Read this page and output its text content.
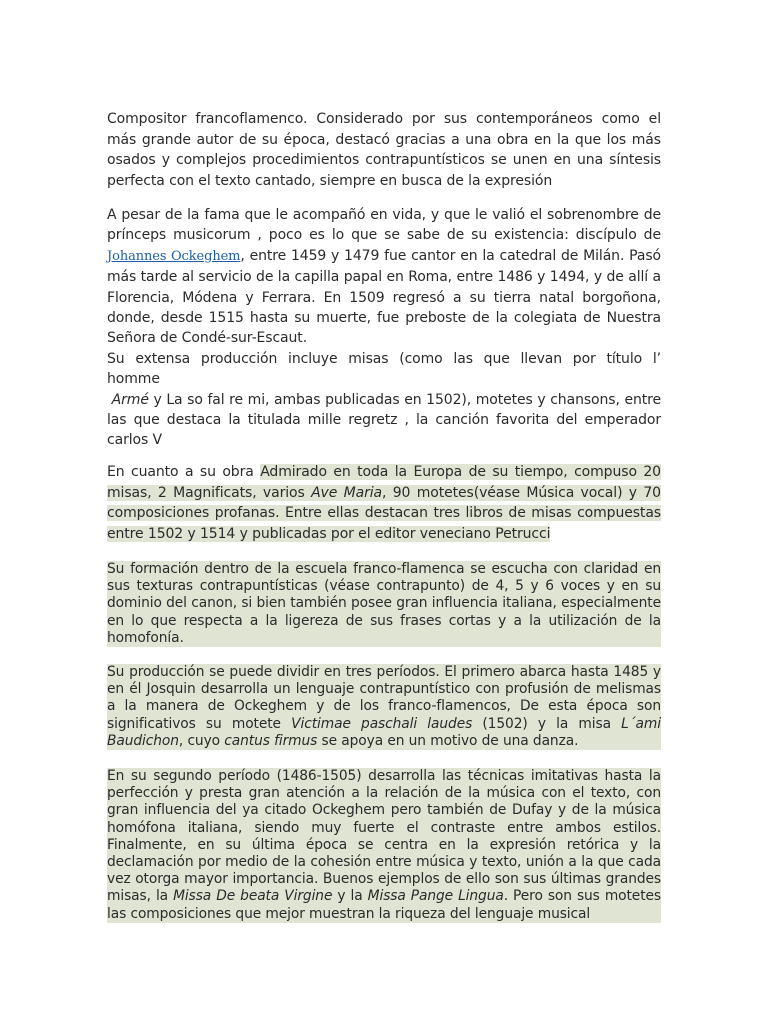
Compositor francoflamenco. Considerado por sus contemporáneos como el más grande autor de su época, destacó gracias a una obra en la que los más osados y complejos procedimientos contrapuntísticos se unen en una síntesis perfecta con el texto cantado, siempre en busca de la expresión

A pesar de la fama que le acompañó en vida, y que le valió el sobrenombre de prínceps musicorum , poco es lo que se sabe de su existencia: discípulo de Johannes Ockeghem, entre 1459 y 1479 fue cantor en la catedral de Milán. Pasó más tarde al servicio de la capilla papal en Roma, entre 1486 y 1494, y de allí a Florencia, Módena y Ferrara. En 1509 regresó a su tierra natal borgoñona, donde, desde 1515 hasta su muerte, fue preboste de la colegiata de Nuestra Señora de Condé-sur-Escaut.
Su extensa producción incluye misas (como las que llevan por título l’
homme
Armé y La so fal re mi, ambas publicadas en 1502), motetes y chansons, entre las que destaca la titulada mille regretz , la canción favorita del emperador carlos V

En cuanto a su obra Admirado en toda la Europa de su tiempo, compuso 20 misas, 2 Magnificats, varios Ave Maria, 90 motetes(véase Música vocal) y 70 composiciones profanas. Entre ellas destacan tres libros de misas compuestas entre 1502 y 1514 y publicadas por el editor veneciano Petrucci

Su formación dentro de la escuela franco-flamenca se escucha con claridad en sus texturas contrapuntísticas (véase contrapunto) de 4, 5 y 6 voces y en su dominio del canon, si bien también posee gran influencia italiana, especialmente en lo que respecta a la ligereza de sus frases cortas y a la utilización de la homofonía.

Su producción se puede dividir en tres períodos. El primero abarca hasta 1485 y en él Josquin desarrolla un lenguaje contrapuntístico con profusión de melismas a la manera de Ockeghem y de los franco-flamencos, De esta época son significativos su motete Victimae paschali laudes (1502) y la misa L´ami Baudichon, cuyo cantus firmus se apoya en un motivo de una danza.

En su segundo período (1486-1505) desarrolla las técnicas imitativas hasta la perfección y presta gran atención a la relación de la música con el texto, con gran influencia del ya citado Ockeghem pero también de Dufay y de la música homófona italiana, siendo muy fuerte el contraste entre ambos estilos. Finalmente, en su última época se centra en la expresión retórica y la declamación por medio de la cohesión entre música y texto, unión a la que cada vez otorga mayor importancia. Buenos ejemplos de ello son sus últimas grandes misas, la Missa De beata Virgine y la Missa Pange Lingua. Pero son sus motetes las composiciones que mejor muestran la riqueza del lenguaje musical
